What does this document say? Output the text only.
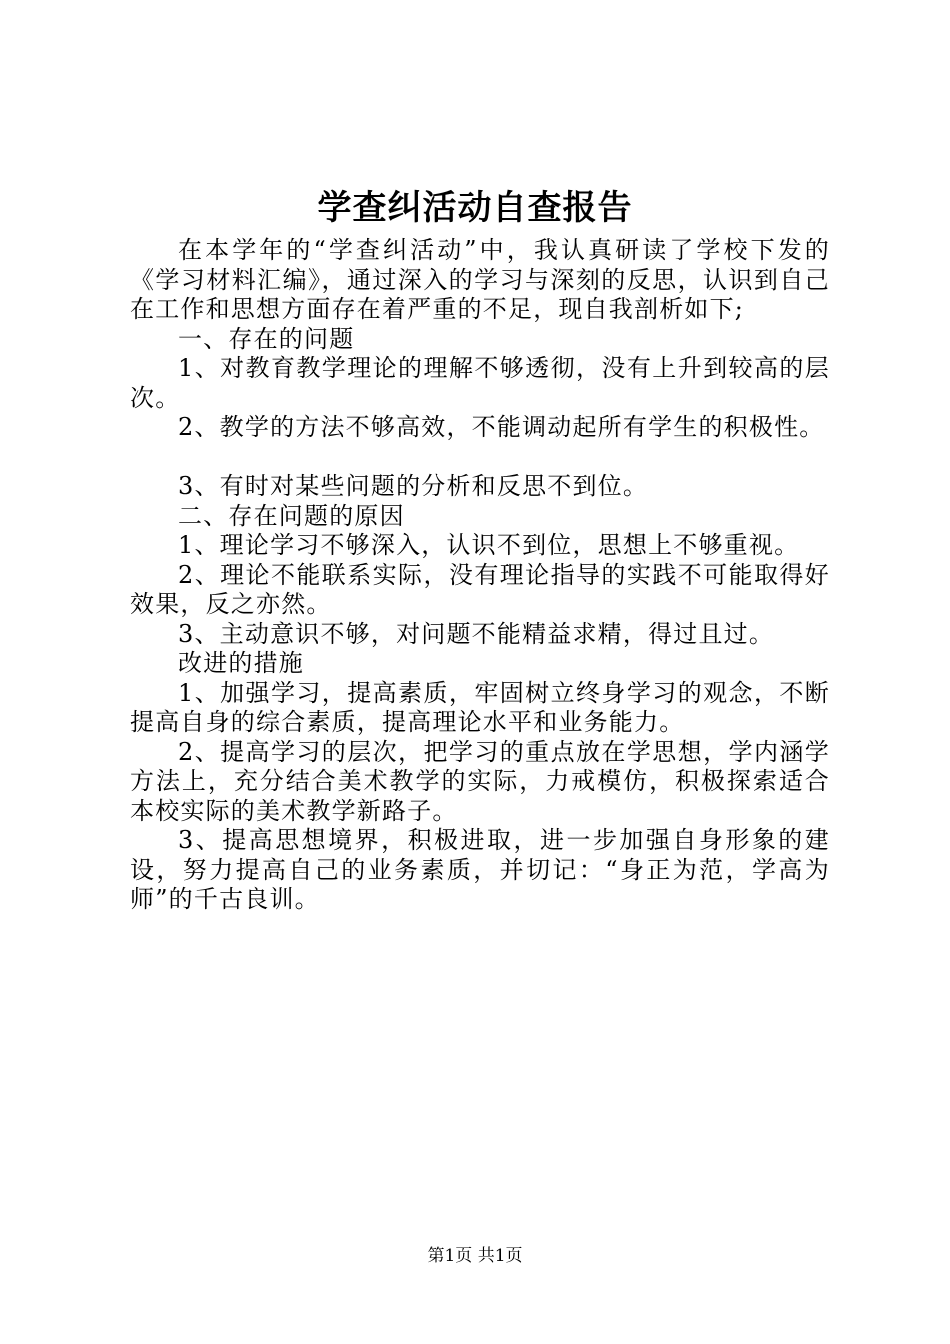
学查纠活动自查报告

在本学年的“学查纠活动”中，我认真研读了学校下发的《学习材料汇编》，通过深入的学习与深刻的反思，认识到自己在工作和思想方面存在着严重的不足，现自我剖析如下;

一、存在的问题

1、对教育教学理论的理解不够透彻，没有上升到较高的层次。

2、教学的方法不够高效，不能调动起所有学生的积极性。

3、有时对某些问题的分析和反思不到位。

二、存在问题的原因

1、理论学习不够深入，认识不到位，思想上不够重视。

2、理论不能联系实际，没有理论指导的实践不可能取得好效果，反之亦然。

3、主动意识不够，对问题不能精益求精，得过且过。

改进的措施

1、加强学习，提高素质，牢固树立终身学习的观念，不断提高自身的综合素质，提高理论水平和业务能力。

2、提高学习的层次，把学习的重点放在学思想，学内涵学方法上，充分结合美术教学的实际，力戒模仿，积极探索适合本校实际的美术教学新路子。

3、提高思想境界，积极进取，进一步加强自身形象的建设，努力提高自己的业务素质，并切记：“身正为范，学高为师”的千古良训。

第1页 共1页
